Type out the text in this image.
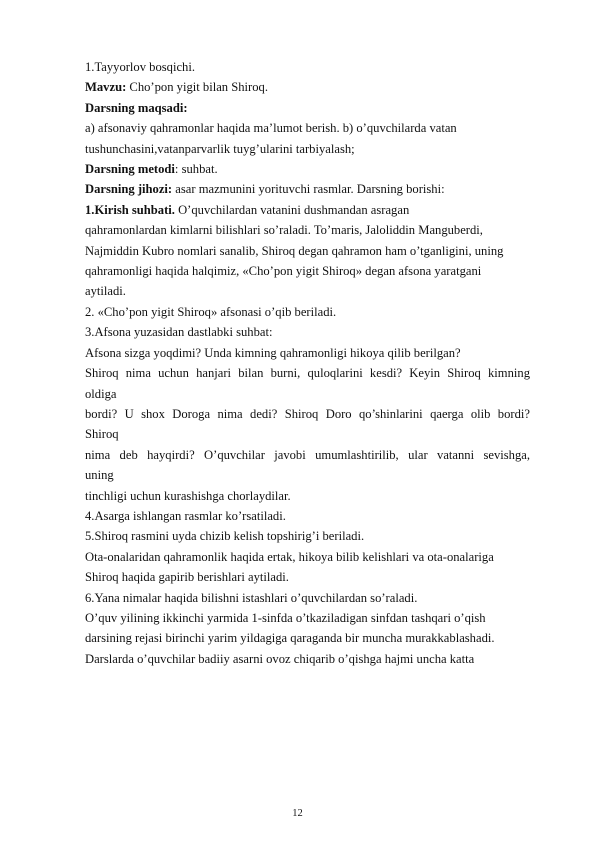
1.Tayyorlov bosqichi.
Mavzu: Cho’pon yigit bilan Shiroq.
Darsning maqsadi:
a) afsonaviy qahramonlar haqida ma’lumot berish. b) o’quvchilarda vatan
tushunchasini,vatanparvarlik tuyg’ularini tarbiyalash;
Darsning metodi: suhbat.
Darsning jihozi: asar mazmunini yorituvchi rasmlar. Darsning borishi:
1.Kirish suhbati. O’quvchilardan vatanini dushmandan asragan
qahramonlardan kimlarni bilishlari so’raladi. To’maris, Jaloliddin Manguberdi,
Najmiddin Kubro nomlari sanalib, Shiroq degan qahramon ham o’tganligini, uning
qahramonligi haqida halqimiz, «Cho’pon yigit Shiroq» degan afsona yaratgani
aytiladi.
2. «Cho’pon yigit Shiroq» afsonasi o’qib beriladi.
3.Afsona yuzasidan dastlabki suhbat:
Afsona sizga yoqdimi? Unda kimning qahramonligi hikoya qilib berilgan?
Shiroq nima uchun hanjari bilan burni, quloqlarini kesdi? Keyin Shiroq kimning
oldiga
bordi? U shox Doroga nima dedi? Shiroq Doro qo’shinlarini qaerga olib bordi?
Shiroq
nima deb hayqirdi? O’quvchilar javobi umumlashtirilib, ular vatanni sevishga,
uning
tinchligi uchun kurashishga chorlaydilar.
4.Asarga ishlangan rasmlar ko’rsatiladi.
5.Shiroq rasmini uyda chizib kelish topshirig’i beriladi.
Ota-onalaridan qahramonlik haqida ertak, hikoya bilib kelishlari va ota-onalariga
Shiroq haqida gapirib berishlari aytiladi.
6.Yana nimalar haqida bilishni istashlari o’quvchilardan so’raladi.
O’quv yilining ikkinchi yarmida 1-sinfda o’tkaziladigan sinfdan tashqari o’qish
darsining rejasi birinchi yarim yildagiga qaraganda bir muncha murakkablashadi.
Darslarda o’quvchilar badiiy asarni ovoz chiqarib o’qishga hajmi uncha katta
12
